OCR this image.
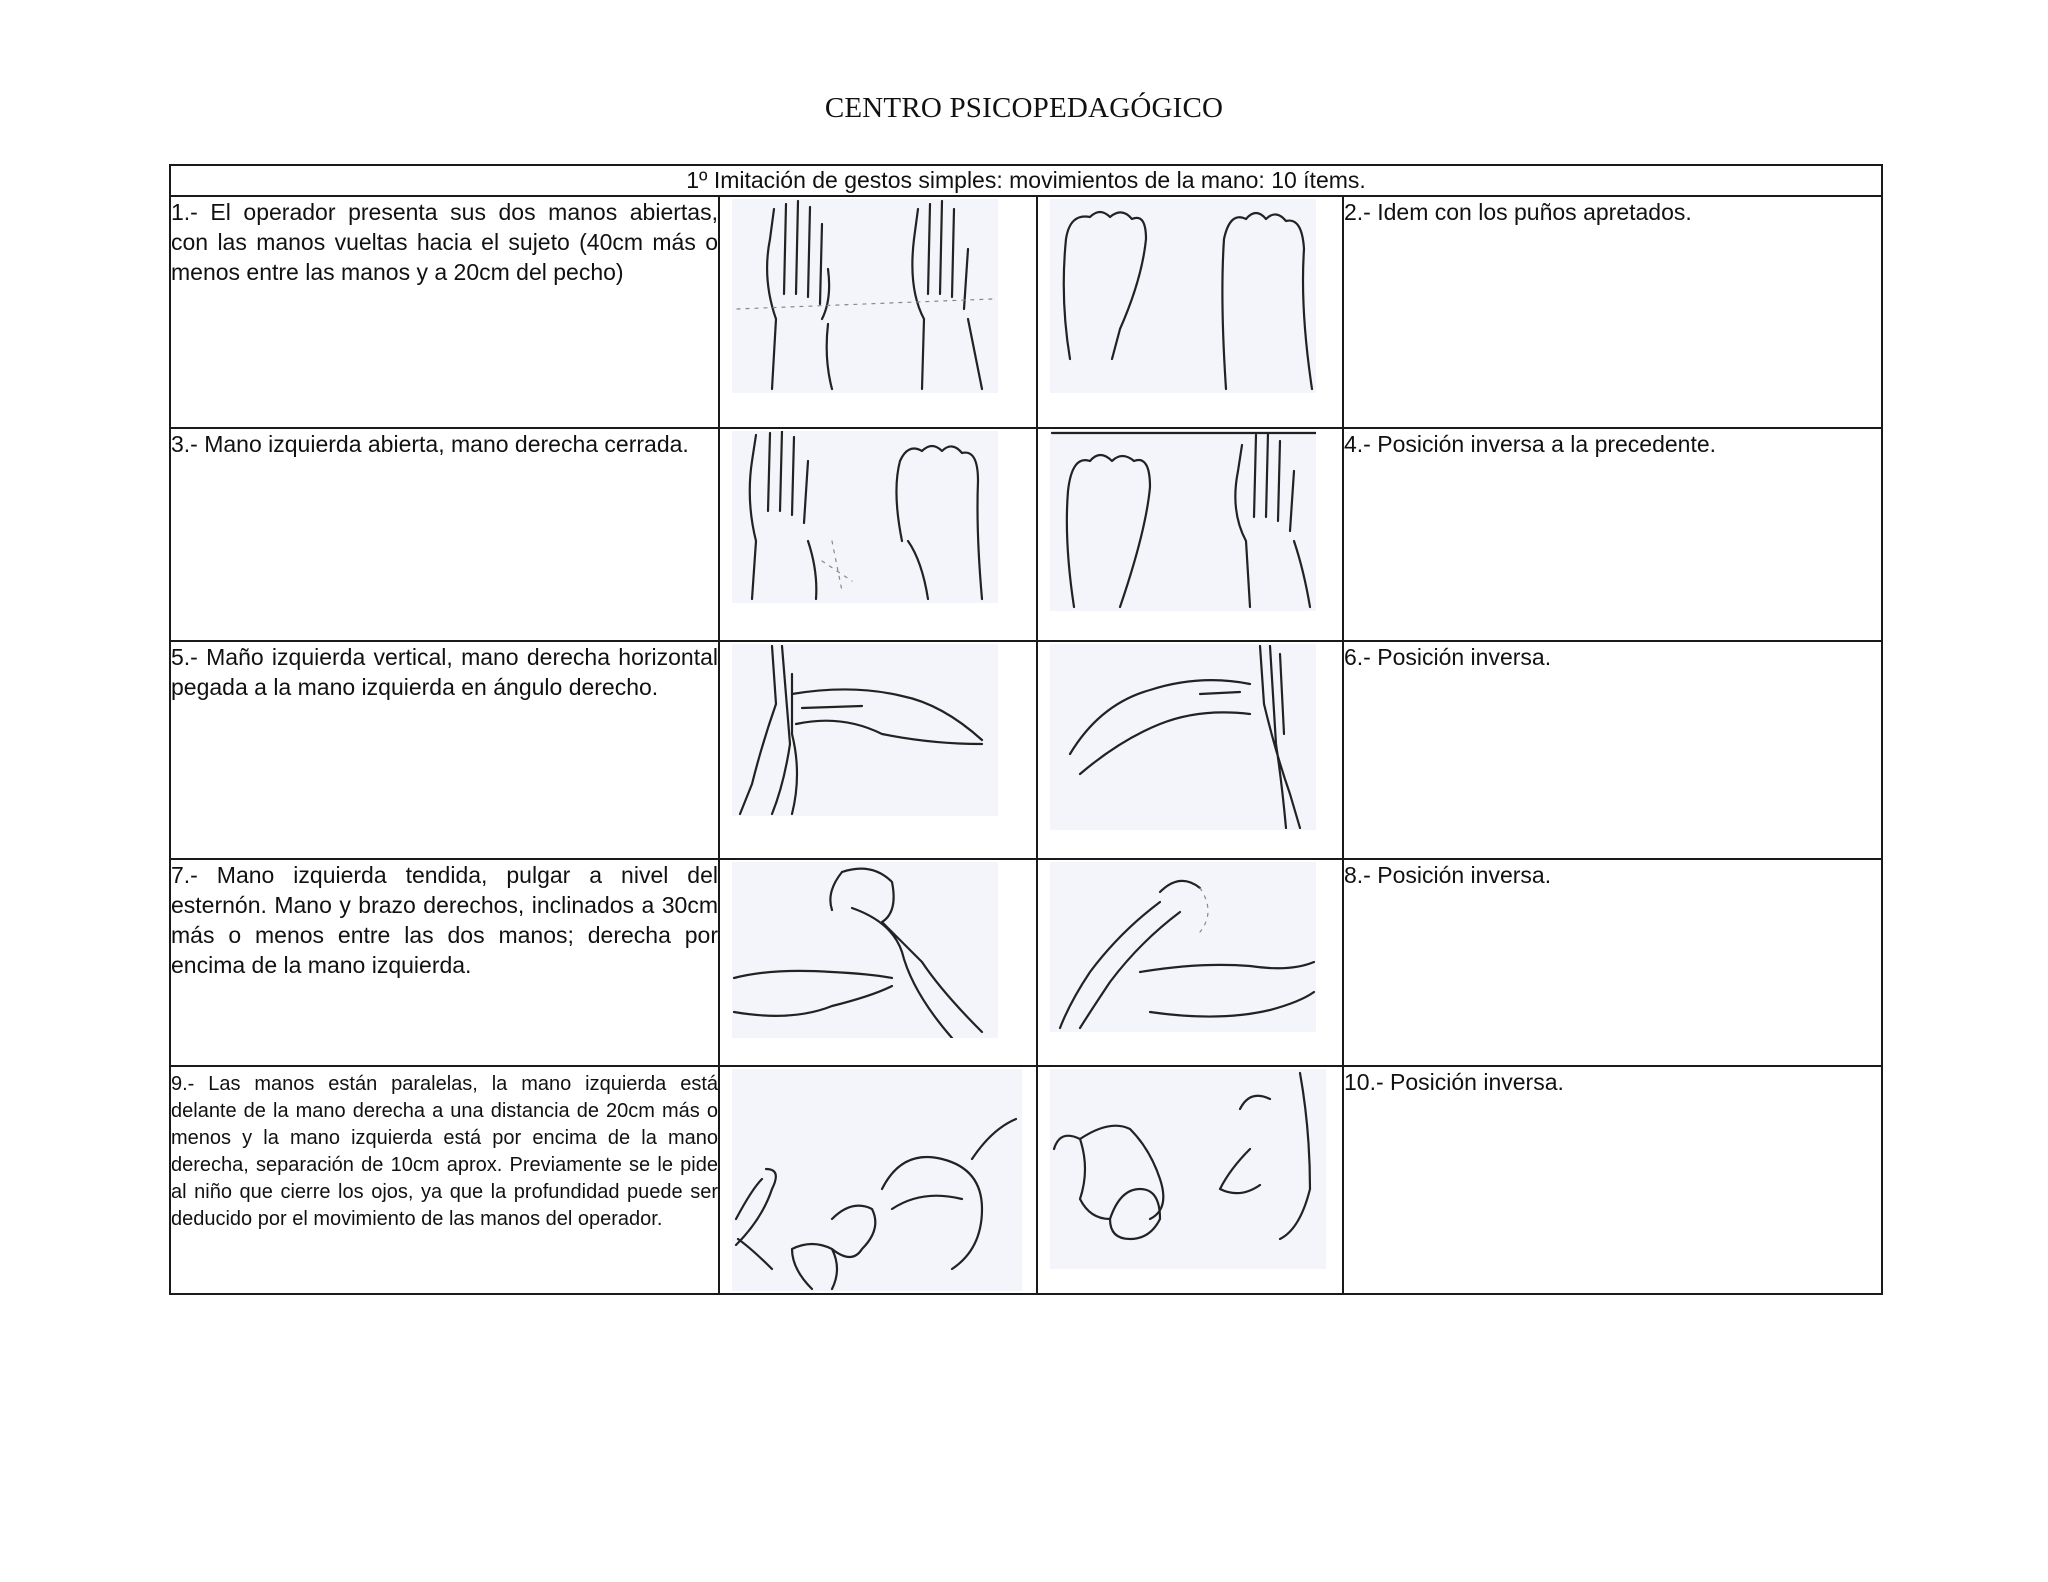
CENTRO PSICOPEDAGÓGICO
1º Imitación de gestos simples: movimientos de la mano: 10 ítems.			
1.- El operador presenta sus dos manos abiertas, con las manos vueltas hacia el sujeto (40cm más o menos entre las manos y a 20cm del pecho)			2.- Idem con los puños apretados.
3.- Mano izquierda abierta, mano derecha cerrada.			4.- Posición inversa a la precedente.
5.- Maño izquierda vertical, mano derecha horizontal pegada a la mano izquierda en ángulo derecho.			6.- Posición inversa.
7.- Mano izquierda tendida, pulgar a nivel del esternón. Mano y brazo derechos, inclinados a 30cm más o menos entre las dos manos; derecha por encima de la mano izquierda.			8.- Posición inversa.
9.- Las manos están paralelas, la mano izquierda está delante de la mano derecha a una distancia de 20cm más o menos y la mano izquierda está por encima de la mano derecha, separación de 10cm aprox. Previamente se le pide al niño que cierre los ojos, ya que la profundidad puede ser deducido por el movimiento de las manos del operador.			10.- Posición inversa.
